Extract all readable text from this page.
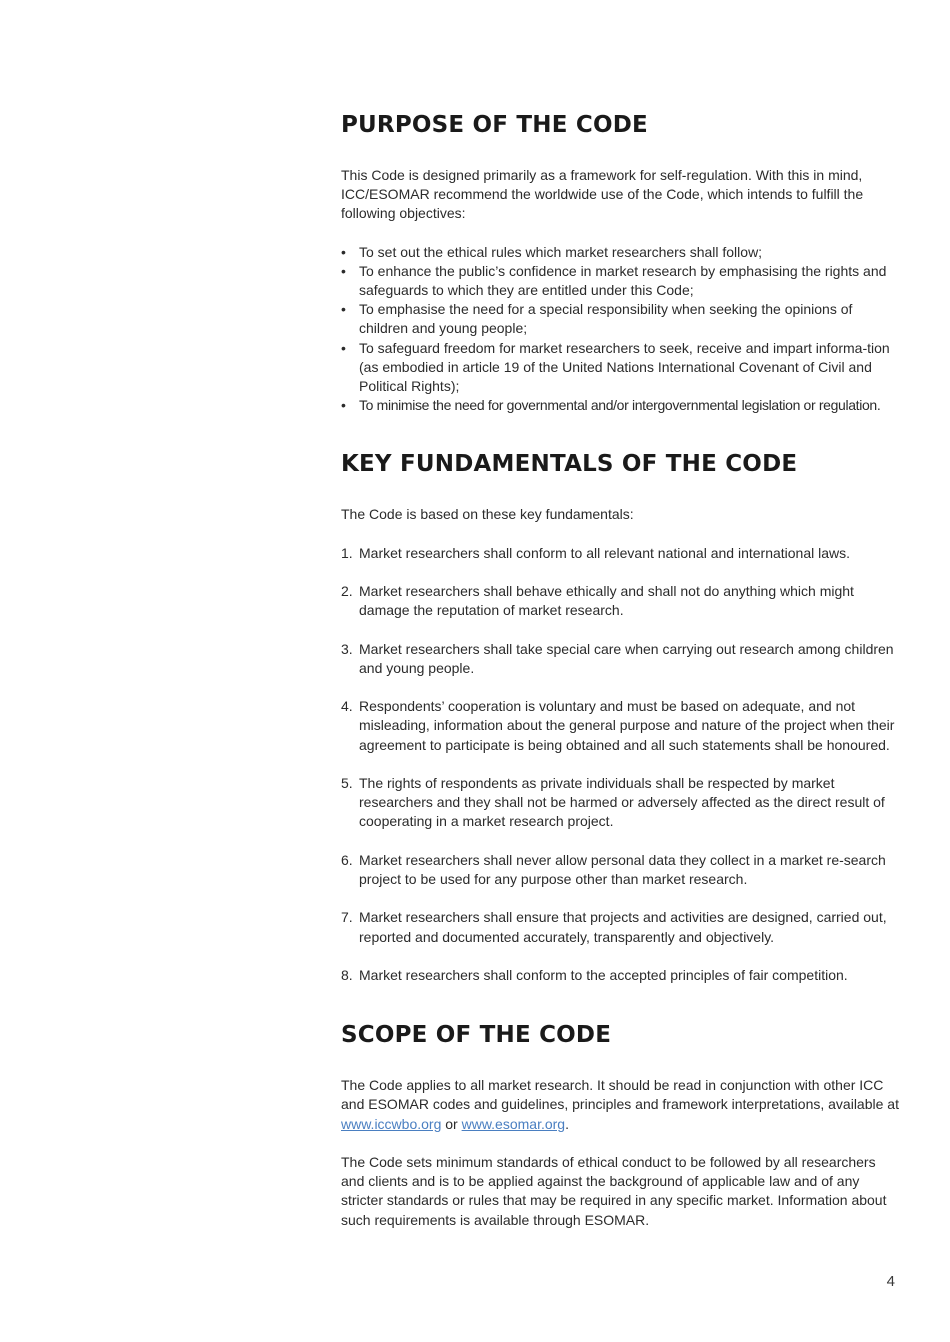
PURPOSE OF THE CODE

This Code is designed primarily as a framework for self-regulation. With this in mind, ICC/ESOMAR recommend the worldwide use of the Code, which intends to fulfill the following objectives:

• To set out the ethical rules which market researchers shall follow;
• To enhance the public’s confidence in market research by emphasising the rights and safeguards to which they are entitled under this Code;
• To emphasise the need for a special responsibility when seeking the opinions of children and young people;
• To safeguard freedom for market researchers to seek, receive and impart informa-tion (as embodied in article 19 of the United Nations International Covenant of Civil and Political Rights);
• To minimise the need for governmental and/or intergovernmental legislation or regulation.
KEY FUNDAMENTALS OF THE CODE

The Code is based on these key fundamentals:

1. Market researchers shall conform to all relevant national and international laws.
2. Market researchers shall behave ethically and shall not do anything which might damage the reputation of market research.
3. Market researchers shall take special care when carrying out research among children and young people.
4. Respondents’ cooperation is voluntary and must be based on adequate, and not misleading, information about the general purpose and nature of the project when their agreement to participate is being obtained and all such statements shall be honoured.
5. The rights of respondents as private individuals shall be respected by market researchers and they shall not be harmed or adversely affected as the direct result of cooperating in a market research project.
6. Market researchers shall never allow personal data they collect in a market re-search project to be used for any purpose other than market research.
7. Market researchers shall ensure that projects and activities are designed, carried out, reported and documented accurately, transparently and objectively.
8. Market researchers shall conform to the accepted principles of fair competition.
SCOPE OF THE CODE

The Code applies to all market research. It should be read in conjunction with other ICC and ESOMAR codes and guidelines, principles and framework interpretations, available at www.iccwbo.org or www.esomar.org.

The Code sets minimum standards of ethical conduct to be followed by all researchers and clients and is to be applied against the background of applicable law and of any stricter standards or rules that may be required in any specific market. Information about such requirements is available through ESOMAR.

4
